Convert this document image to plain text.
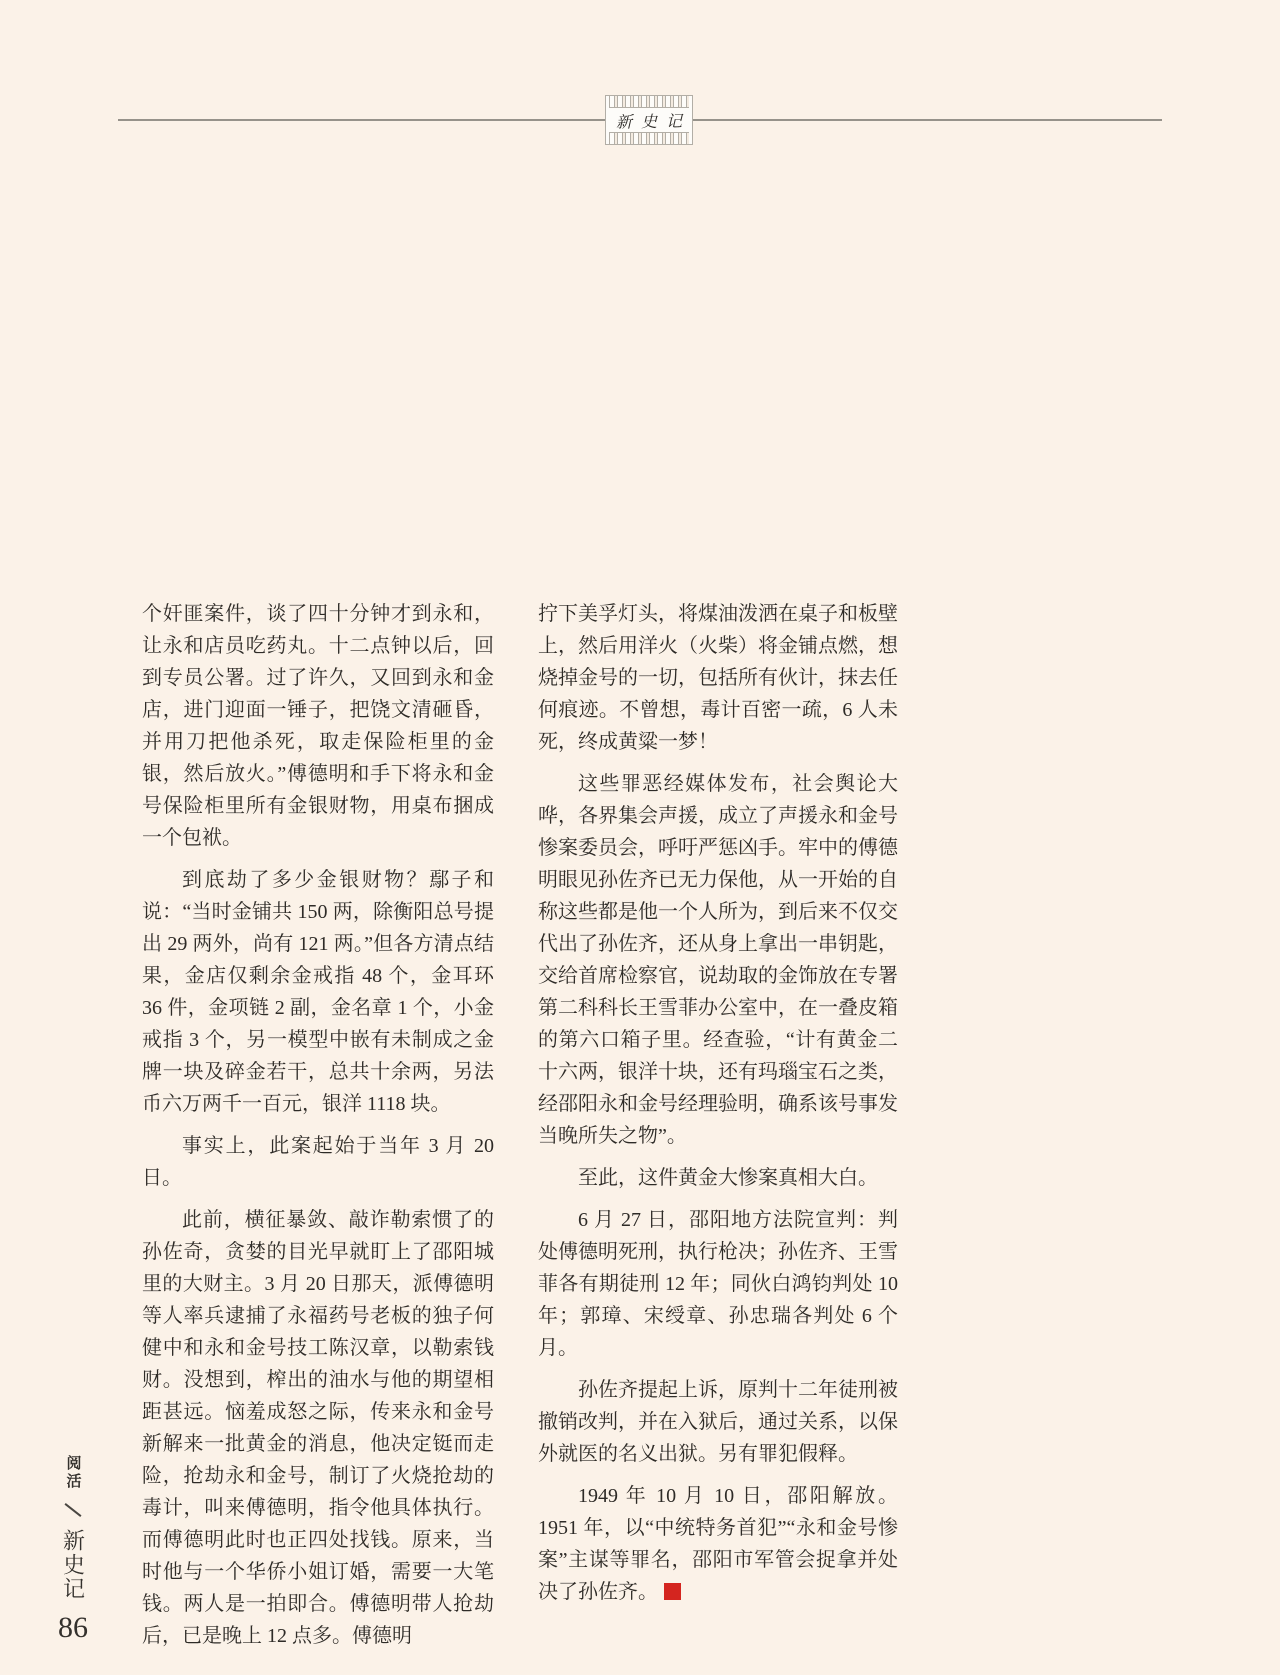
新史记
阅活
新史记
86

个奸匪案件，谈了四十分钟才到永和，让永和店员吃药丸。十二点钟以后，回到专员公署。过了许久，又回到永和金店，进门迎面一锤子，把饶文清砸昏，并用刀把他杀死，取走保险柜里的金银，然后放火。”傅德明和手下将永和金号保险柜里所有金银财物，用桌布捆成一个包袱。

到底劫了多少金银财物？鄢子和说：“当时金铺共 150 两，除衡阳总号提出 29 两外，尚有 121 两。”但各方清点结果，金店仅剩余金戒指 48 个，金耳环 36 件，金项链 2 副，金名章 1 个，小金戒指 3 个，另一模型中嵌有未制成之金牌一块及碎金若干，总共十余两，另法币六万两千一百元，银洋 1118 块。

事实上，此案起始于当年 3 月 20 日。

此前，横征暴敛、敲诈勒索惯了的孙佐奇，贪婪的目光早就盯上了邵阳城里的大财主。3 月 20 日那天，派傅德明等人率兵逮捕了永福药号老板的独子何健中和永和金号技工陈汉章，以勒索钱财。没想到，榨出的油水与他的期望相距甚远。恼羞成怒之际，传来永和金号新解来一批黄金的消息，他决定铤而走险，抢劫永和金号，制订了火烧抢劫的毒计，叫来傅德明，指令他具体执行。而傅德明此时也正四处找钱。原来，当时他与一个华侨小姐订婚，需要一大笔钱。两人是一拍即合。傅德明带人抢劫后，已是晚上 12 点多。傅德明

拧下美孚灯头，将煤油泼洒在桌子和板壁上，然后用洋火（火柴）将金铺点燃，想烧掉金号的一切，包括所有伙计，抹去任何痕迹。不曾想，毒计百密一疏，6 人未死，终成黄粱一梦！

这些罪恶经媒体发布，社会舆论大哗，各界集会声援，成立了声援永和金号惨案委员会，呼吁严惩凶手。牢中的傅德明眼见孙佐齐已无力保他，从一开始的自称这些都是他一个人所为，到后来不仅交代出了孙佐齐，还从身上拿出一串钥匙，交给首席检察官，说劫取的金饰放在专署第二科科长王雪菲办公室中，在一叠皮箱的第六口箱子里。经查验，“计有黄金二十六两，银洋十块，还有玛瑙宝石之类，经邵阳永和金号经理验明，确系该号事发当晚所失之物”。

至此，这件黄金大惨案真相大白。

6 月 27 日，邵阳地方法院宣判：判处傅德明死刑，执行枪决；孙佐齐、王雪菲各有期徒刑 12 年；同伙白鸿钧判处 10 年；郭璋、宋绶章、孙忠瑞各判处 6 个月。

孙佐齐提起上诉，原判十二年徒刑被撤销改判，并在入狱后，通过关系，以保外就医的名义出狱。另有罪犯假释。

1949 年 10 月 10 日，邵阳解放。1951 年，以“中统特务首犯”“永和金号惨案”主谋等罪名，邵阳市军管会捉拿并处决了孙佐齐。
